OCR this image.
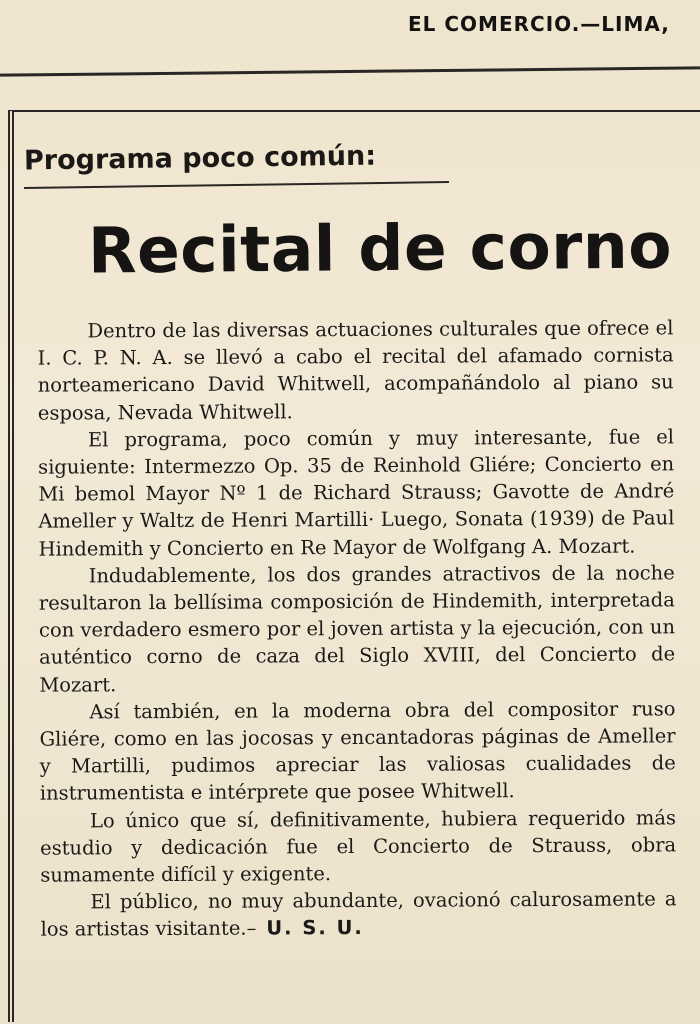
EL COMERCIO.—LIMA,
Programa poco común:
Recital de corno

Dentro de las diversas actuaciones culturales que ofrece el I. C. P. N. A. se llevó a cabo el recital del afamado cornista norteamericano David Whitwell, acompañándolo al piano su esposa, Nevada Whitwell.

El programa, poco común y muy interesante, fue el siguiente: Intermezzo Op. 35 de Reinhold Gliére; Concierto en Mi bemol Mayor Nº 1 de Richard Strauss; Gavotte de André Ameller y Waltz de Henri Martilli· Luego, Sonata (1939) de Paul Hindemith y Concierto en Re Mayor de Wolfgang A. Mozart.

Indudablemente, los dos grandes atractivos de la noche resultaron la bellísima composición de Hindemith, interpretada con verdadero esmero por el joven artista y la ejecución, con un auténtico corno de caza del Siglo XVIII, del Concierto de Mozart.

Así también, en la moderna obra del compositor ruso Gliére, como en las jocosas y encantadoras páginas de Ameller y Martilli, pudimos apreciar las valiosas cualidades de instrumentista e intérprete que posee Whitwell.

Lo único que sí, definitivamente, hubiera requerido más estudio y dedicación fue el Concierto de Strauss, obra sumamente difícil y exigente.

El público, no muy abundante, ovacionó calurosamente a los artistas visitante.– U. S. U.
